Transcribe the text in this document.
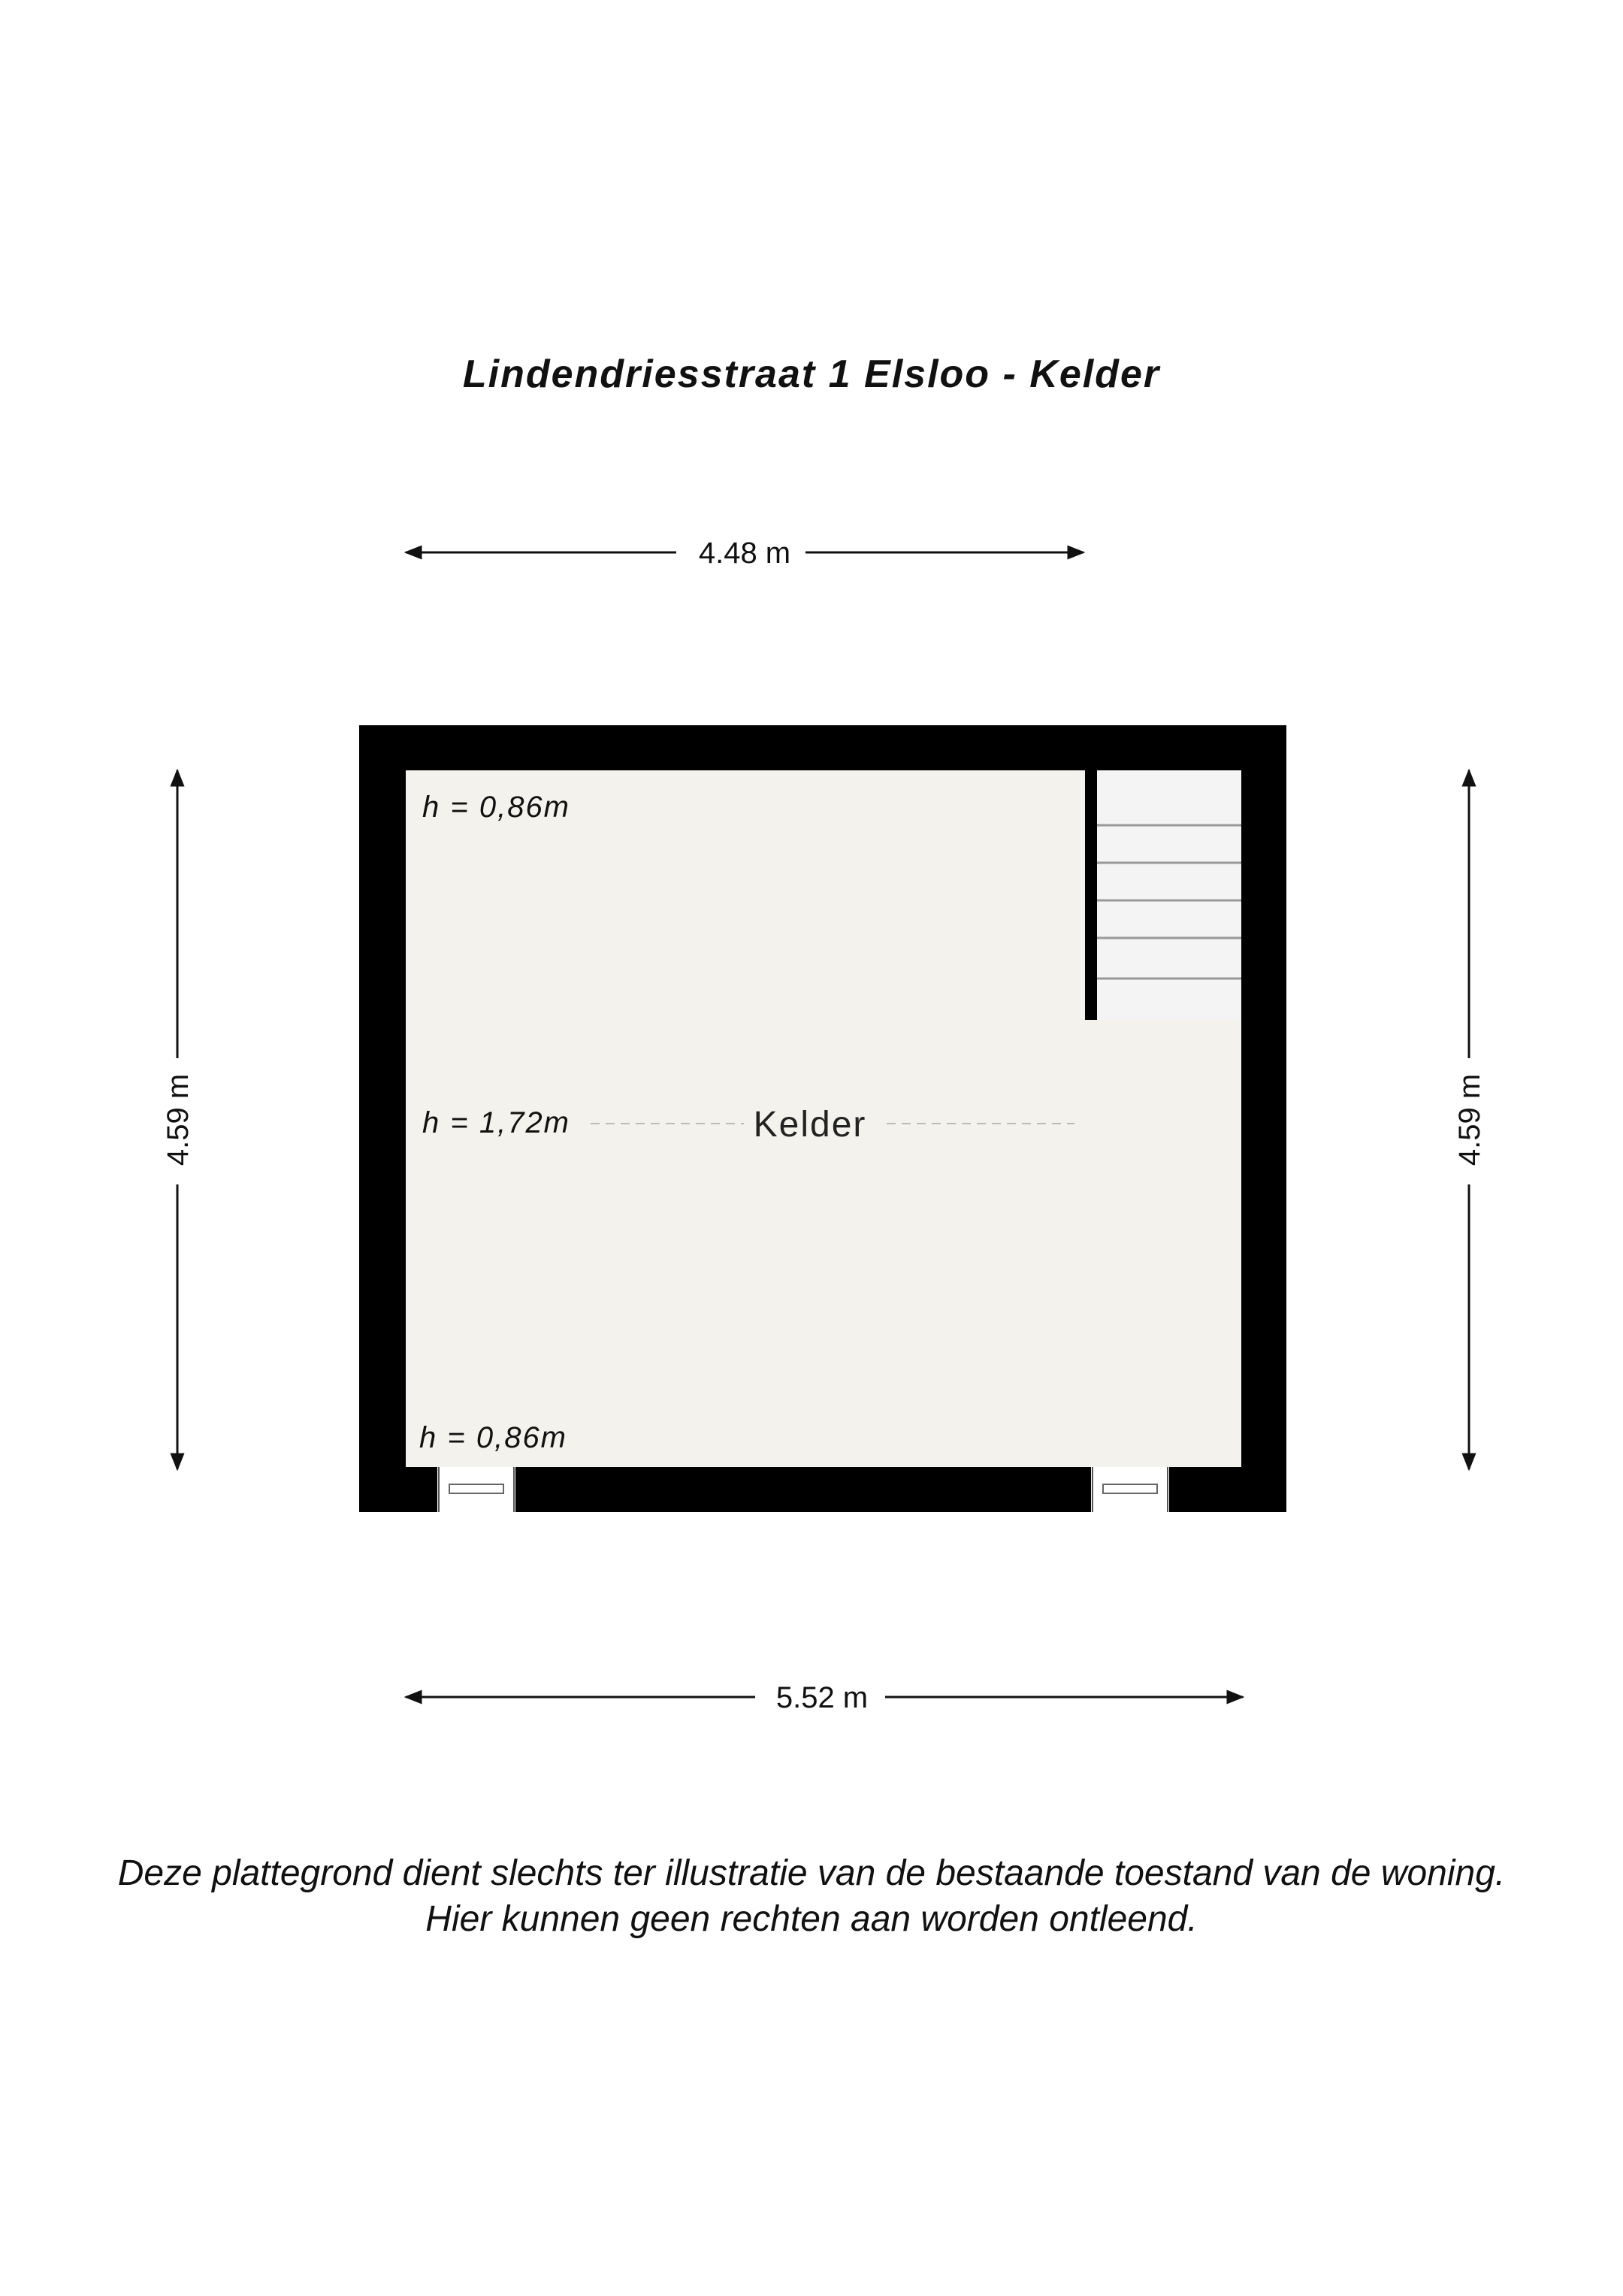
Lindendriesstraat 1 Elsloo - Kelder
4.48 m
5.52 m
4.59 m	4.59 m
h = 0,86m
h = 1,72m
h = 0,86m
Kelder
Deze plattegrond dient slechts ter illustratie van de bestaande toestand van de woning.
Hier kunnen geen rechten aan worden ontleend.
